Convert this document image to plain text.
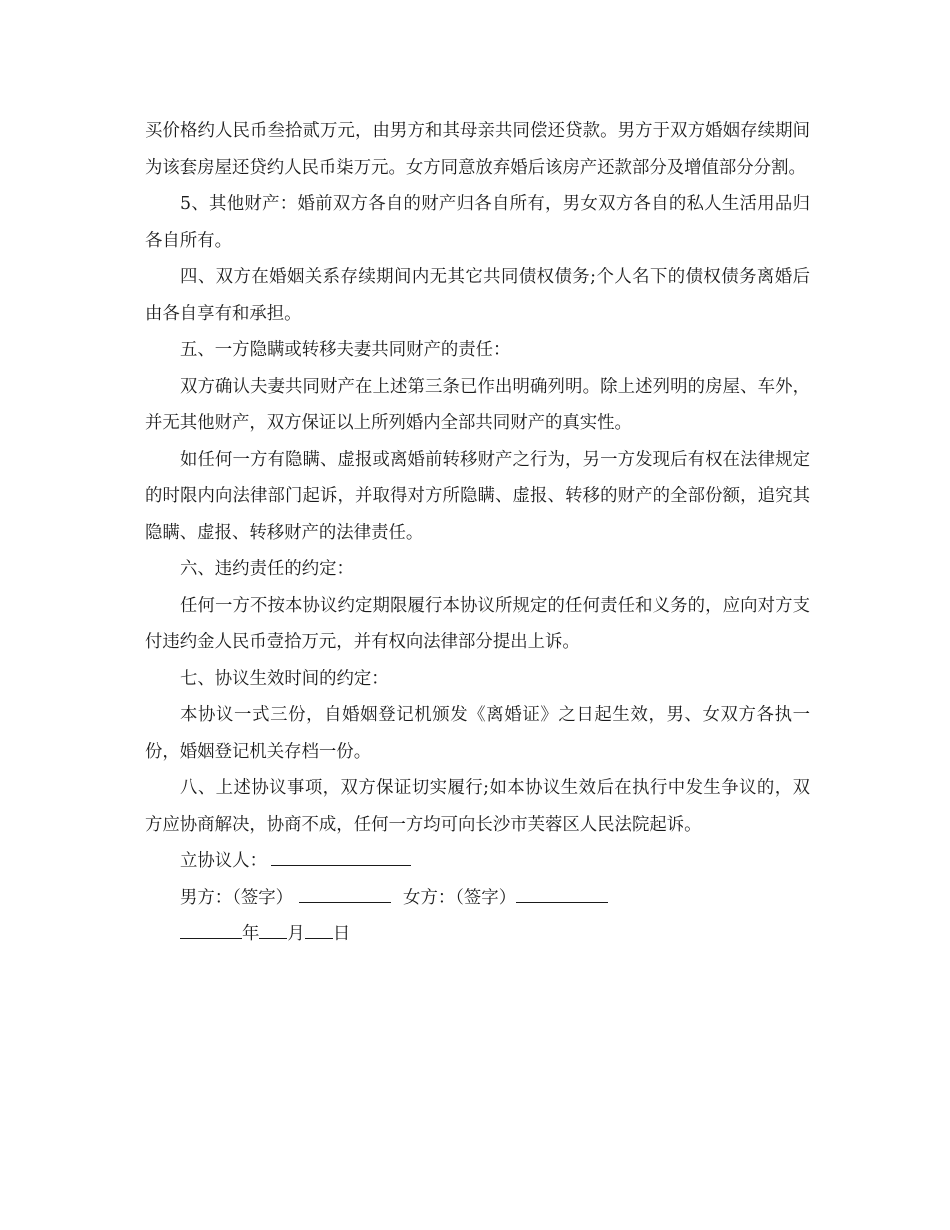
买价格约人民币叁拾贰万元，由男方和其母亲共同偿还贷款。男方于双方婚姻存续期间为该套房屋还贷约人民币柒万元。女方同意放弃婚后该房产还款部分及增值部分分割。

5、其他财产：婚前双方各自的财产归各自所有，男女双方各自的私人生活用品归各自所有。

四、双方在婚姻关系存续期间内无其它共同债权债务;个人名下的债权债务离婚后由各自享有和承担。

五、一方隐瞒或转移夫妻共同财产的责任：

双方确认夫妻共同财产在上述第三条已作出明确列明。除上述列明的房屋、车外，并无其他财产，双方保证以上所列婚内全部共同财产的真实性。

如任何一方有隐瞒、虚报或离婚前转移财产之行为，另一方发现后有权在法律规定的时限内向法律部门起诉，并取得对方所隐瞒、虚报、转移的财产的全部份额，追究其隐瞒、虚报、转移财产的法律责任。

六、违约责任的约定：

任何一方不按本协议约定期限履行本协议所规定的任何责任和义务的，应向对方支付违约金人民币壹拾万元，并有权向法律部分提出上诉。

七、协议生效时间的约定：

本协议一式三份，自婚姻登记机颁发《离婚证》之日起生效，男、女双方各执一份，婚姻登记机关存档一份。

八、上述协议事项，双方保证切实履行;如本协议生效后在执行中发生争议的，双方应协商解决，协商不成，任何一方均可向长沙市芙蓉区人民法院起诉。

立协议人：

男方：（签字）	女方：（签字）

年 月 日
